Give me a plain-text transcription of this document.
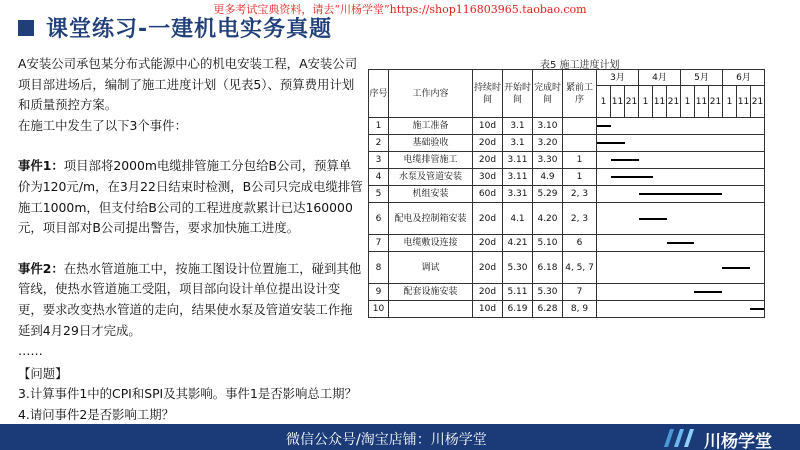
更多考试宝典资料，请去“川杨学堂”https://shop116803965.taobao.com
课堂练习-一建机电实务真题

A安装公司承包某分布式能源中心的机电安装工程，A安装公司项目部进场后，编制了施工进度计划（见表5）、预算费用计划和质量预控方案。

在施工中发生了以下3个事件：

事件1：项目部将2000m电缆排管施工分包给B公司，预算单价为120元/m，在3月22日结束时检测，B公司只完成电缆排管施工1000m，但支付给B公司的工程进度款累计已达160000元，项目部对B公司提出警告，要求加快施工进度。

事件2：在热水管道施工中，按施工图设计位置施工，碰到其他管线，使热水管道施工受阻，项目部向设计单位提出设计变更，要求改变热水管道的走向，结果使水泵及管道安装工作拖延到4月29日才完成。

……

【问题】

3.计算事件1中的CPI和SPI及其影响。事件1是否影响总工期？

4.请问事件2是否影响工期？

表5 施工进度计划
序号	工作内容	持续时间	开始时间	完成时间	紧前工序	3月			4月			5月			6月		
						1	11	21	1	11	21	1	11	21	1	11	21
1	施工准备	10d	3.1	3.10													

2	基础验收	20d	3.1	3.20													

3	电缆排管施工	20d	3.11	3.30	1												

4	水泵及管道安装	30d	3.11	4.9	1												

5	机组安装	60d	3.31	5.29	2, 3												

6	配电及控制箱安装	20d	4.1	4.20	2, 3												

7	电缆敷设连接	20d	4.21	5.10	6												

8	调试	20d	5.30	6.18	4, 5, 7												

9	配套设施安装	20d	5.11	5.30	7												

10		10d	6.19	6.28	8, 9												
微信公众号/淘宝店铺：川杨学堂	川杨学堂
